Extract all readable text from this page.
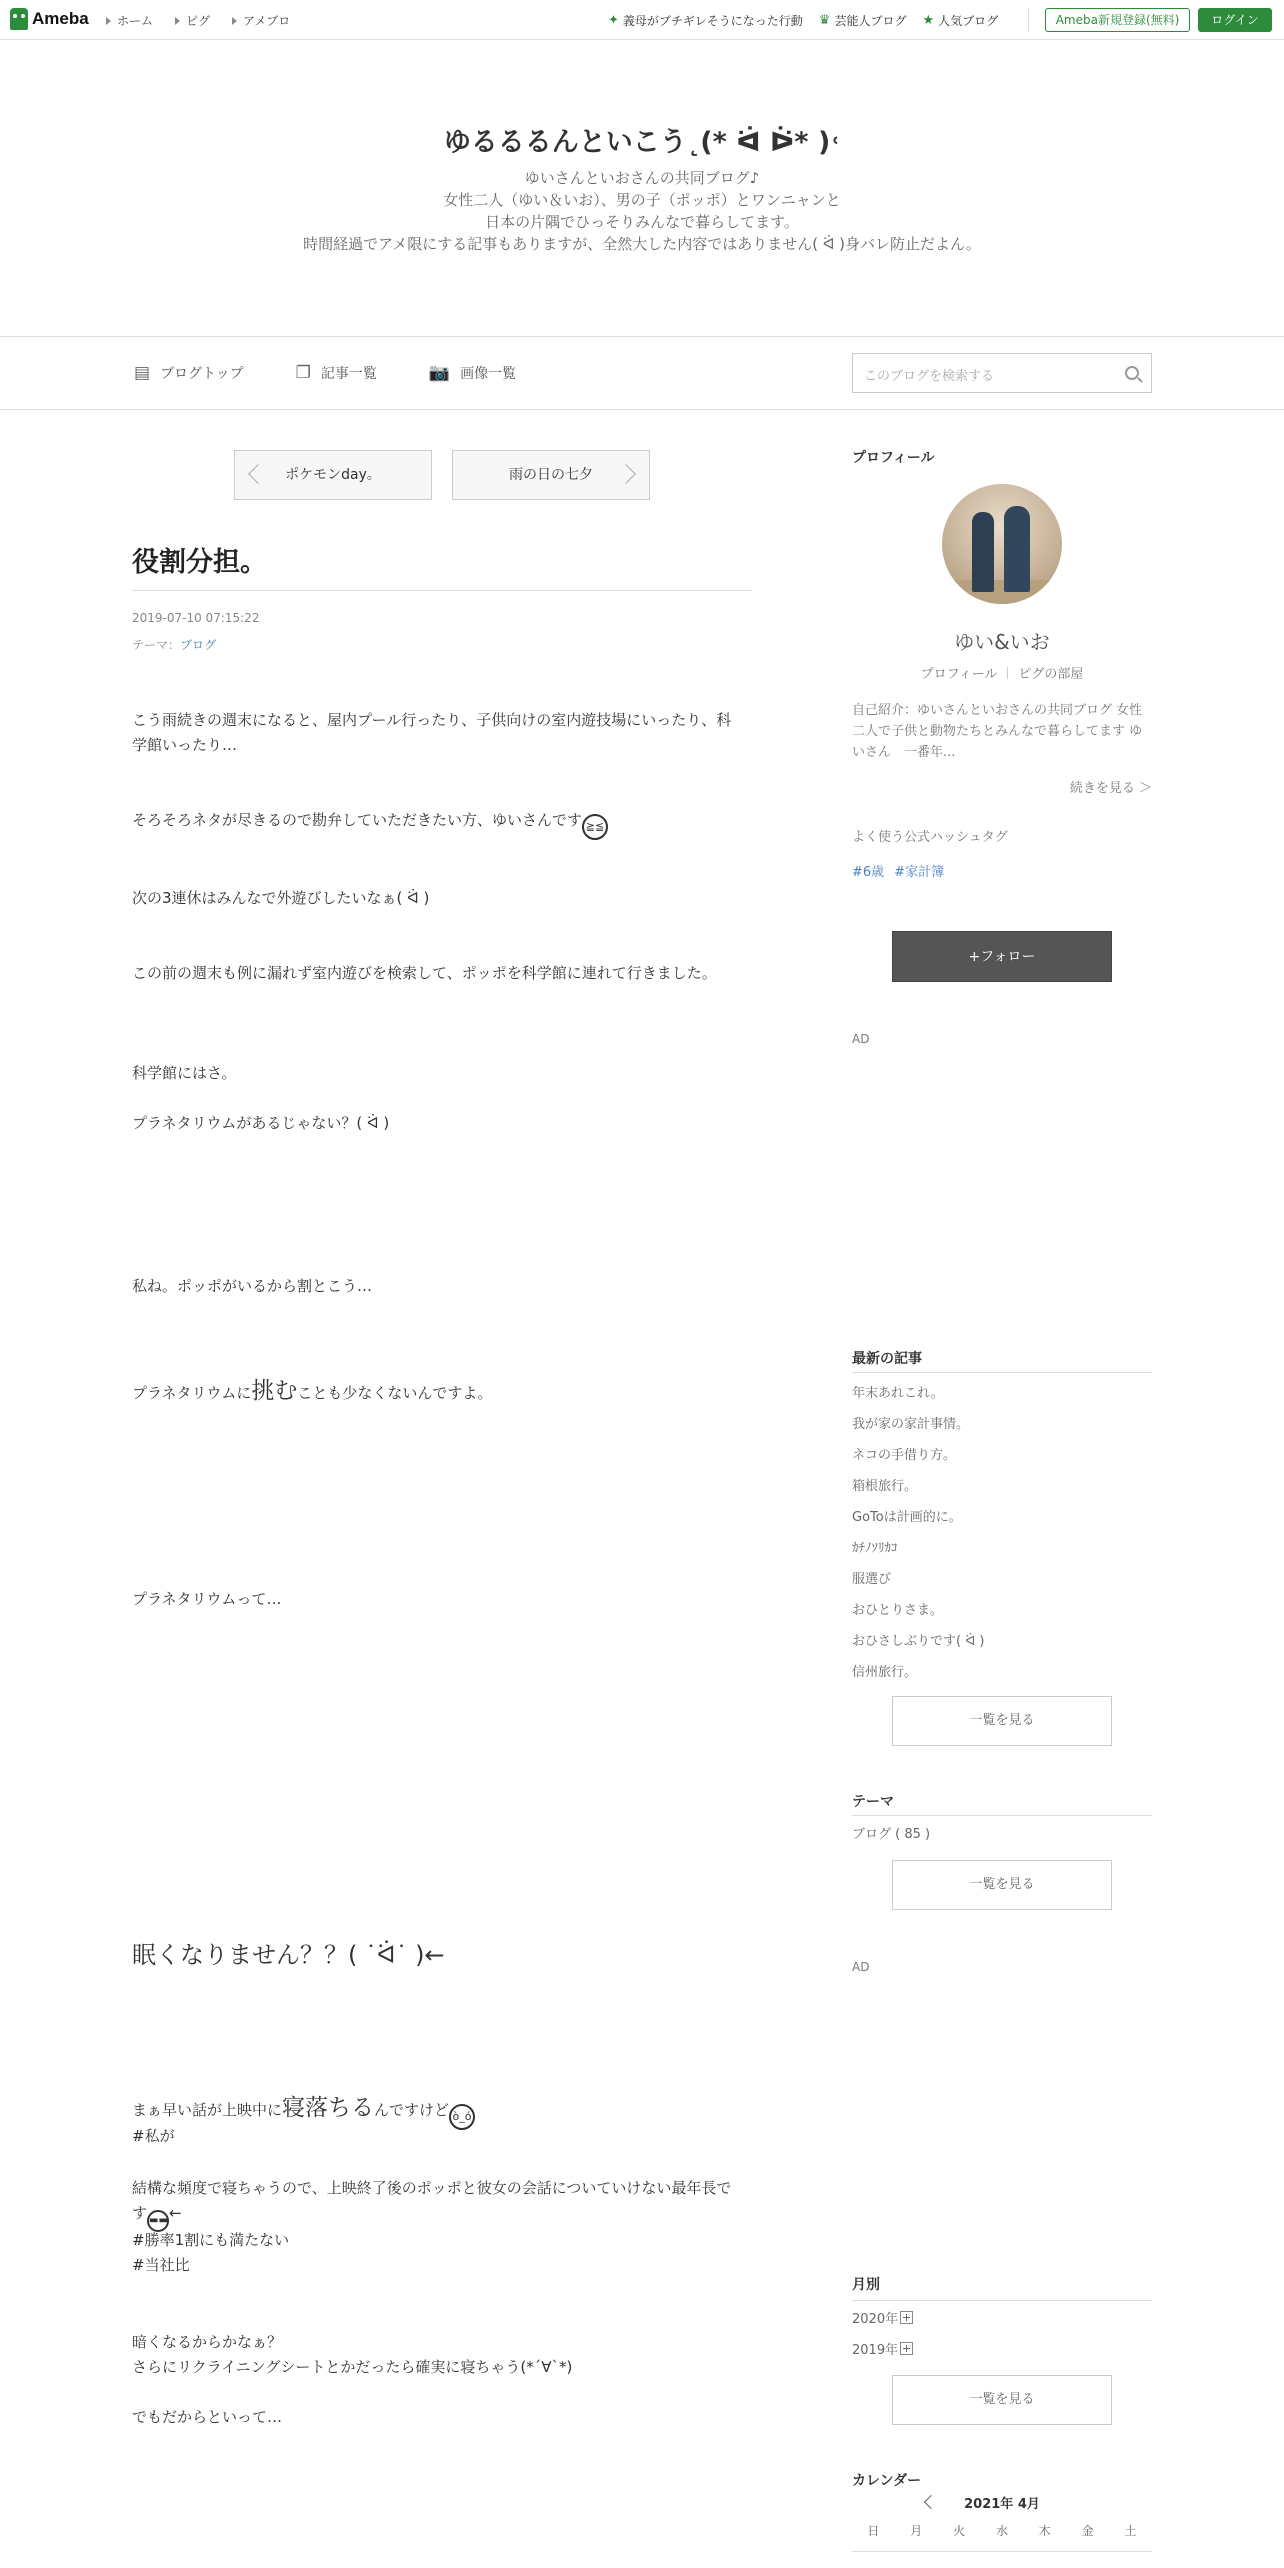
Ameba ホーム	ピグ	アメブロ	✦ 義母がブチギレそうになった行動 ♛ 芸能人ブログ ★ 人気ブログ	Ameba新規登録(無料)	ログイン
ゆるるるんといこう˛(* ᐛ ᐖ* )˓
ゆいさんといおさんの共同ブログ♪
女性二人（ゆい＆いお）、男の子（ポッポ）とワンニャンと
日本の片隅でひっそりみんなで暮らしてます。
時間経過でアメ限にする記事もありますが、全然大した内容ではありません( ᐛ )身バレ防止だよん。
▤ ブログトップ	❐ 記事一覧	📷 画像一覧	このブログを検索する
ポケモンday。	雨の日の七夕
役割分担。
2019-07-10 07:15:22
テーマ：ブログ
こう雨続きの週末になると、屋内プール行ったり、子供向けの室内遊技場にいったり、科学館いったり…
そろそろネタが尽きるので勘弁していただきたい方、ゆいさんです ≧≦
次の3連休はみんなで外遊びしたいなぁ( ᐛ )
この前の週末も例に漏れず室内遊びを検索して、ポッポを科学館に連れて行きました。
科学館にはさ。
プラネタリウムがあるじゃない？( ᐛ )
私ね。ポッポがいるから割とこう…
プラネタリウムに挑むことも少なくないんですよ。
プラネタリウムって…
眠くなりません？？( ˙ᐛ˙ )←
まぁ早い話が上映中に寝落ちるんですけど ò_ó
#私が
結構な頻度で寝ちゃうので、上映終了後のポッポと彼女の会話についていけない最年長です ▬▬←
#勝率1割にも満たない
#当社比
暗くなるからかなぁ？
さらにリクライニングシートとかだったら確実に寝ちゃう(*´∀`*)
でもだからといって…
プロフィール
ゆい&いお
プロフィール ピグの部屋
自己紹介：ゆいさんといおさんの共同ブログ 女性二人で子供と動物たちとみんなで暮らしてます ゆいさん　一番年...
続きを見る ＞
よく使う公式ハッシュタグ
#6歳 #家計簿
+フォロー
AD
最新の記事
年末あれこれ。
我が家の家計事情。
ネコの手借り方。
箱根旅行。
GoToは計画的に。
ｶﾁﾉｿﾘｶｺ
服選び
おひとりさま。
おひさしぶりです( ᐛ )
信州旅行。
一覧を見る
テーマ
ブログ ( 85 )
一覧を見る
AD
月別
2020年
2019年
一覧を見る
カレンダー
2021年 4月
日	月	火	水	木	金	土
